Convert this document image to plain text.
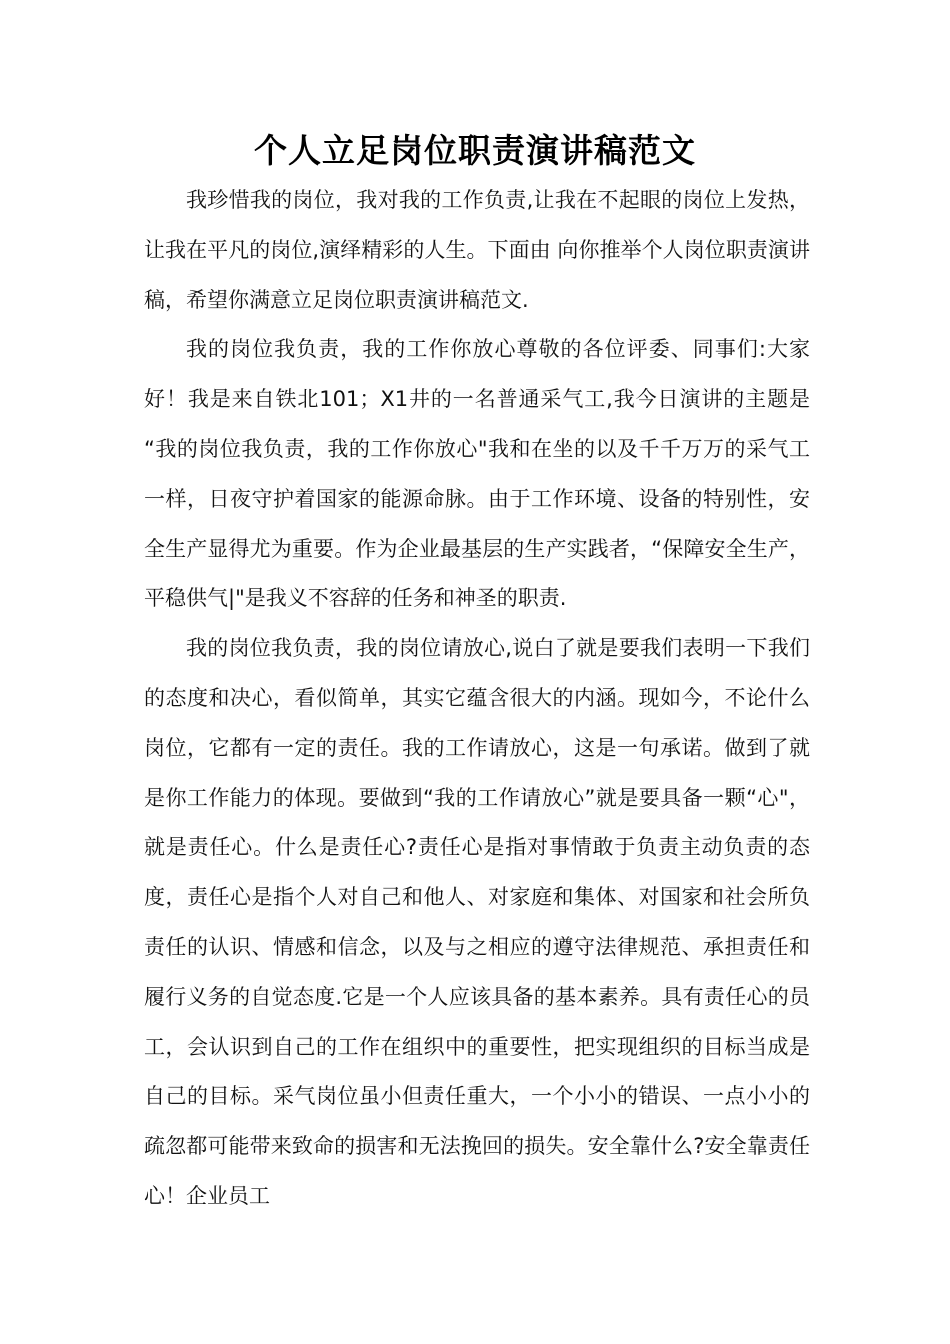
个人立足岗位职责演讲稿范文

我珍惜我的岗位，我对我的工作负责,让我在不起眼的岗位上发热，让我在平凡的岗位,演绎精彩的人生。下面由 向你推举个人岗位职责演讲稿，希望你满意立足岗位职责演讲稿范文.

我的岗位我负责，我的工作你放心尊敬的各位评委、同事们:大家好！我是来自铁北101；X1井的一名普通采气工,我今日演讲的主题是 “我的岗位我负责，我的工作你放心"我和在坐的以及千千万万的采气工一样，日夜守护着国家的能源命脉。由于工作环境、设备的特别性，安全生产显得尤为重要。作为企业最基层的生产实践者，“保障安全生产，平稳供气|"是我义不容辞的任务和神圣的职责.

我的岗位我负责，我的岗位请放心,说白了就是要我们表明一下我们的态度和决心，看似简单，其实它蕴含很大的内涵。现如今，不论什么岗位，它都有一定的责任。我的工作请放心，这是一句承诺。做到了就是你工作能力的体现。要做到“我的工作请放心”就是要具备一颗“心"，就是责任心。什么是责任心?责任心是指对事情敢于负责主动负责的态度，责任心是指个人对自己和他人、对家庭和集体、对国家和社会所负责任的认识、情感和信念，以及与之相应的遵守法律规范、承担责任和履行义务的自觉态度.它是一个人应该具备的基本素养。具有责任心的员工，会认识到自己的工作在组织中的重要性，把实现组织的目标当成是自己的目标。采气岗位虽小但责任重大，一个小小的错误、一点小小的疏忽都可能带来致命的损害和无法挽回的损失。安全靠什么?安全靠责任心！企业员工
